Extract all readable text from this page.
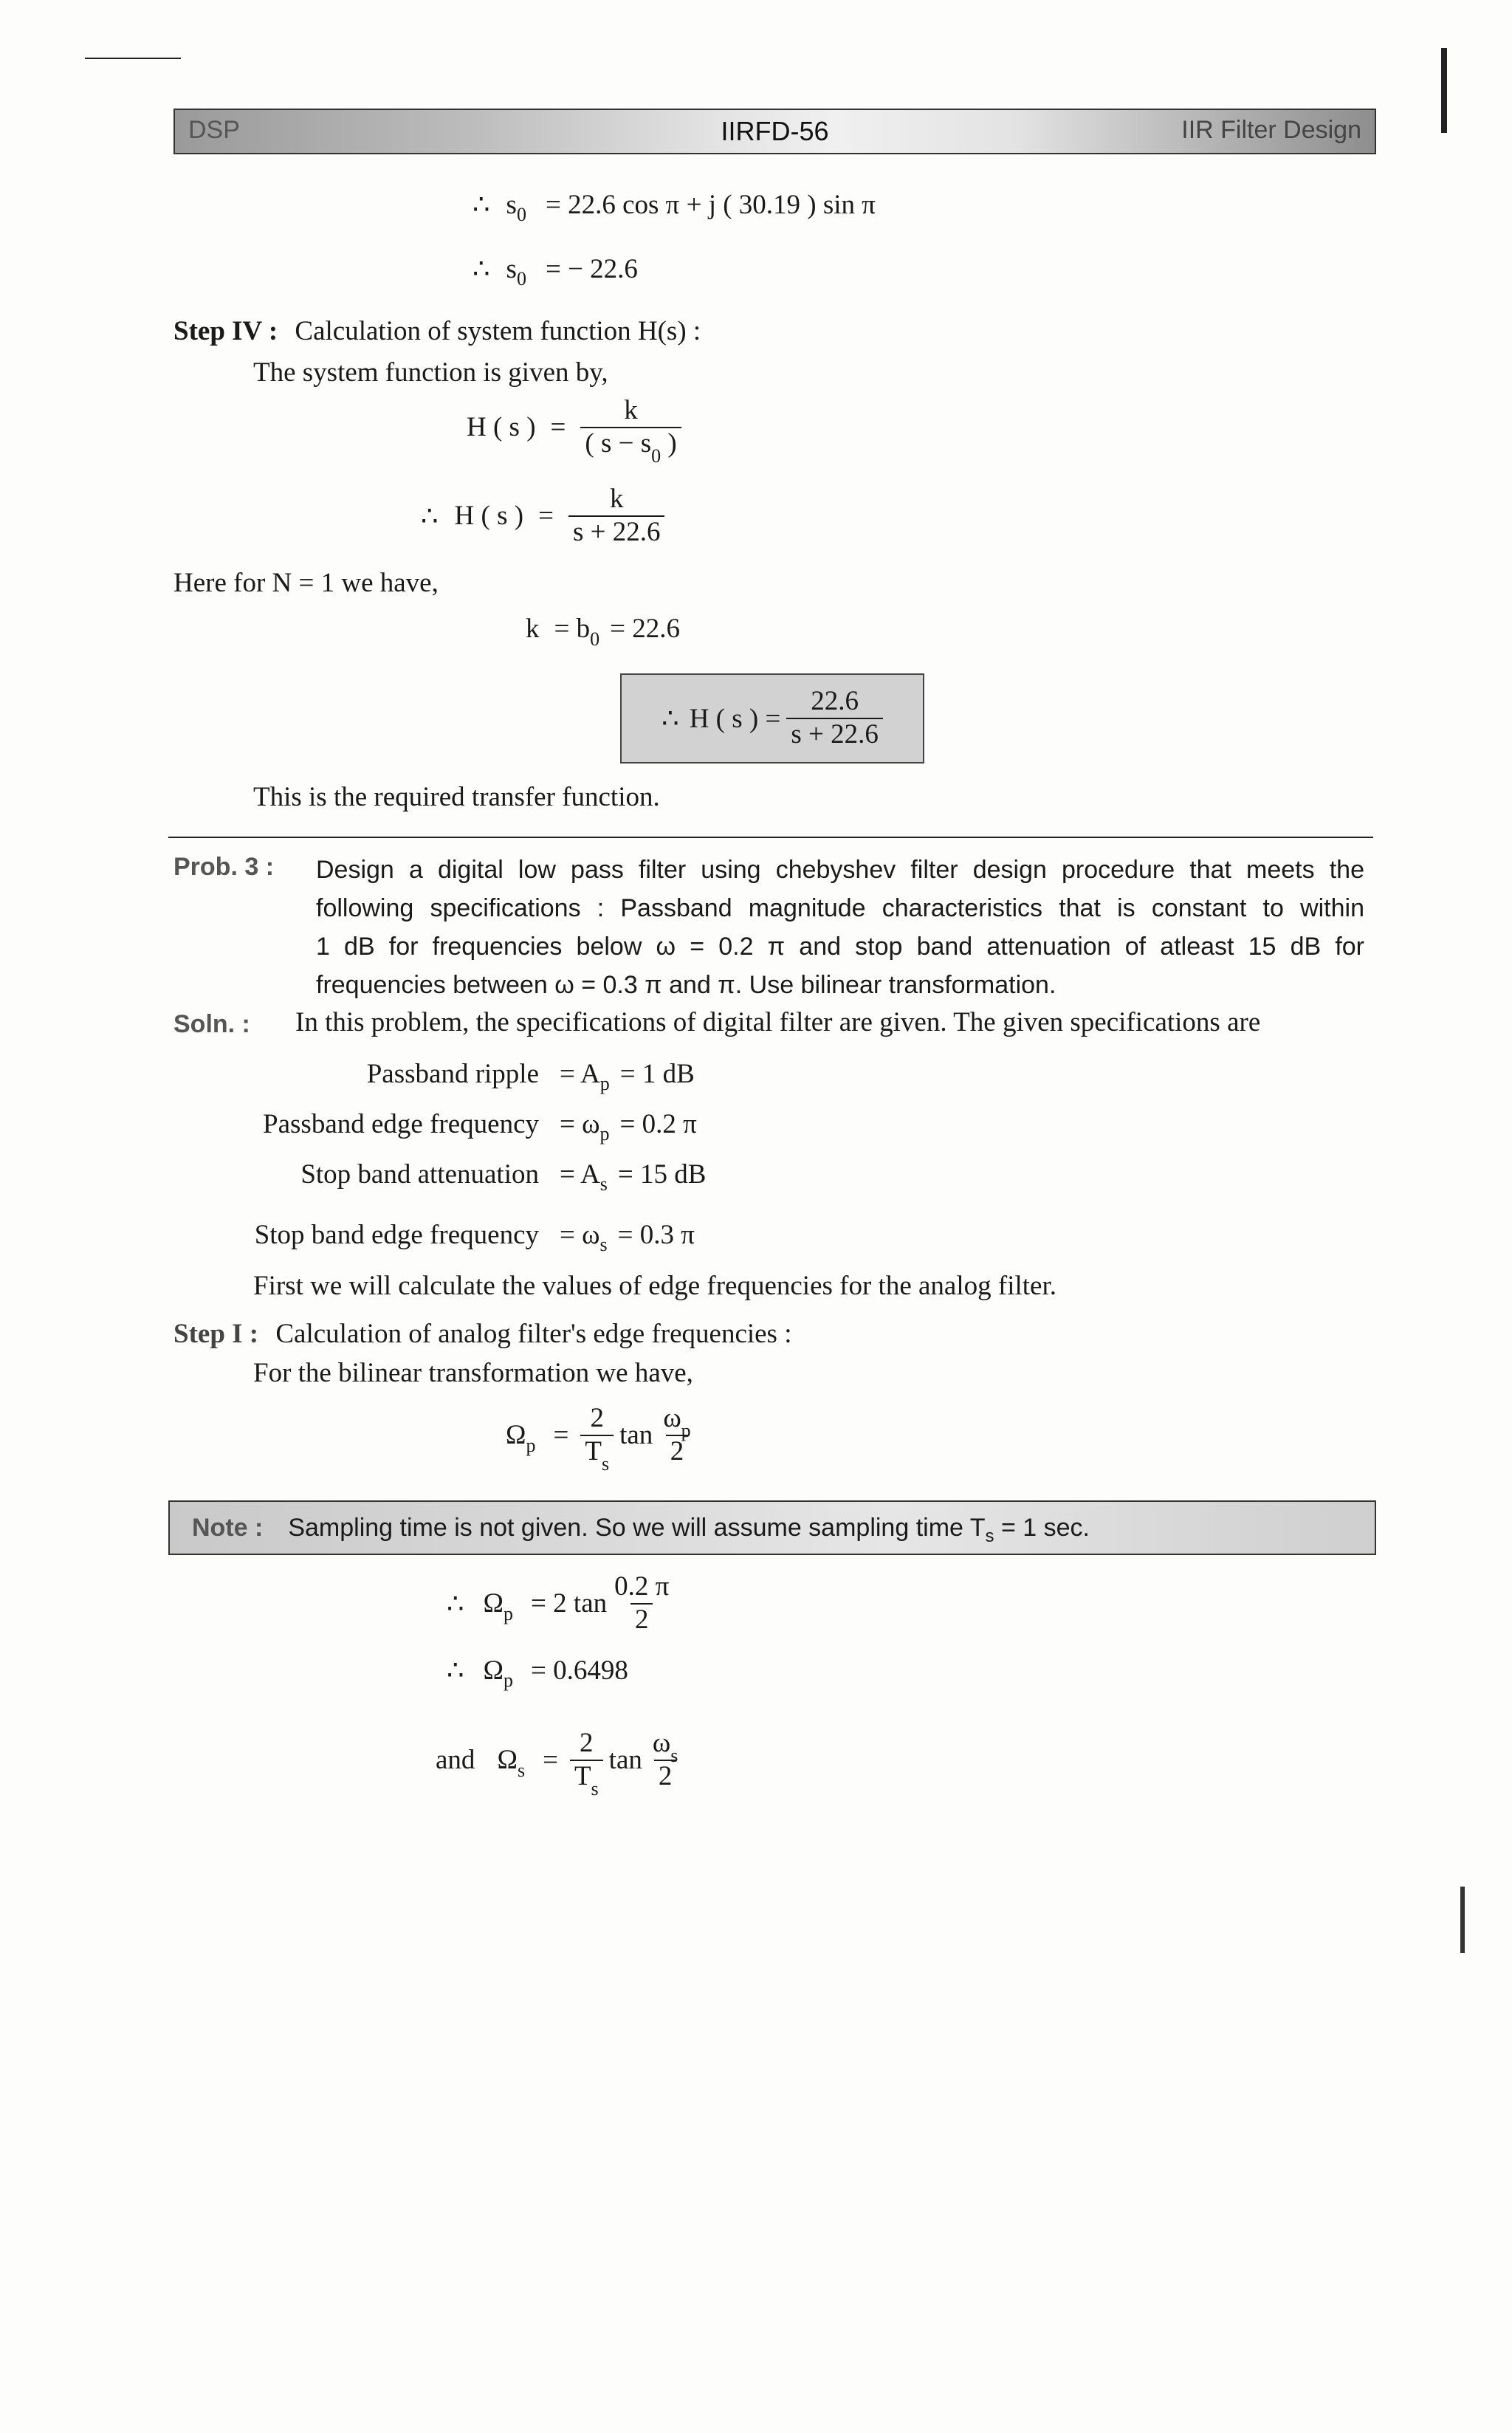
DSP	IIRFD-56	IIR Filter Design
∴ s 0 = 22.6 cos π + j ( 30.19 ) sin π
∴ s 0 = − 22.6
Step IV : Calculation of system function H(s) :
The system function is given by,
H ( s ) = $\frac{k}{( s - s_0 )}$
∴ H ( s ) = $\frac{k}{s + 22.6}$
Here for N = 1 we have,
k = b 0 = 22.6
∴ H ( s ) = $\frac{22.6}{s + 22.6}$
This is the required transfer function.
Prob. 3 : Design a digital low pass filter using chebyshev filter design procedure that meets the
following specifications : Passband magnitude characteristics that is constant to within
1 dB for frequencies below ω = 0.2 π and stop band attenuation of atleast 15 dB for
frequencies between ω = 0.3 π and π. Use bilinear transformation.
Soln. : In this problem, the specifications of digital filter are given. The given specifications are
Passband ripple = A p = 1 dB
Passband edge frequency = ω p = 0.2 π
Stop band attenuation = A s = 15 dB
Stop band edge frequency = ω s = 0.3 π
First we will calculate the values of edge frequencies for the analog filter.
Step I : Calculation of analog filter's edge frequencies :
For the bilinear transformation we have,
Ω $p = \frac{2}{T_s}$ $\tan \frac{\omega_p}{2}$
Note : Sampling time is not given. So we will assume sampling time $T_s = 1$ sec.
∴ Ω p = 2 $\tan \frac{0.2 \pi}{2}$
∴ Ω p = 0.6498
and Ω $s = \frac{2}{T_s}$ $\tan \frac{\omega_s}{2}$
